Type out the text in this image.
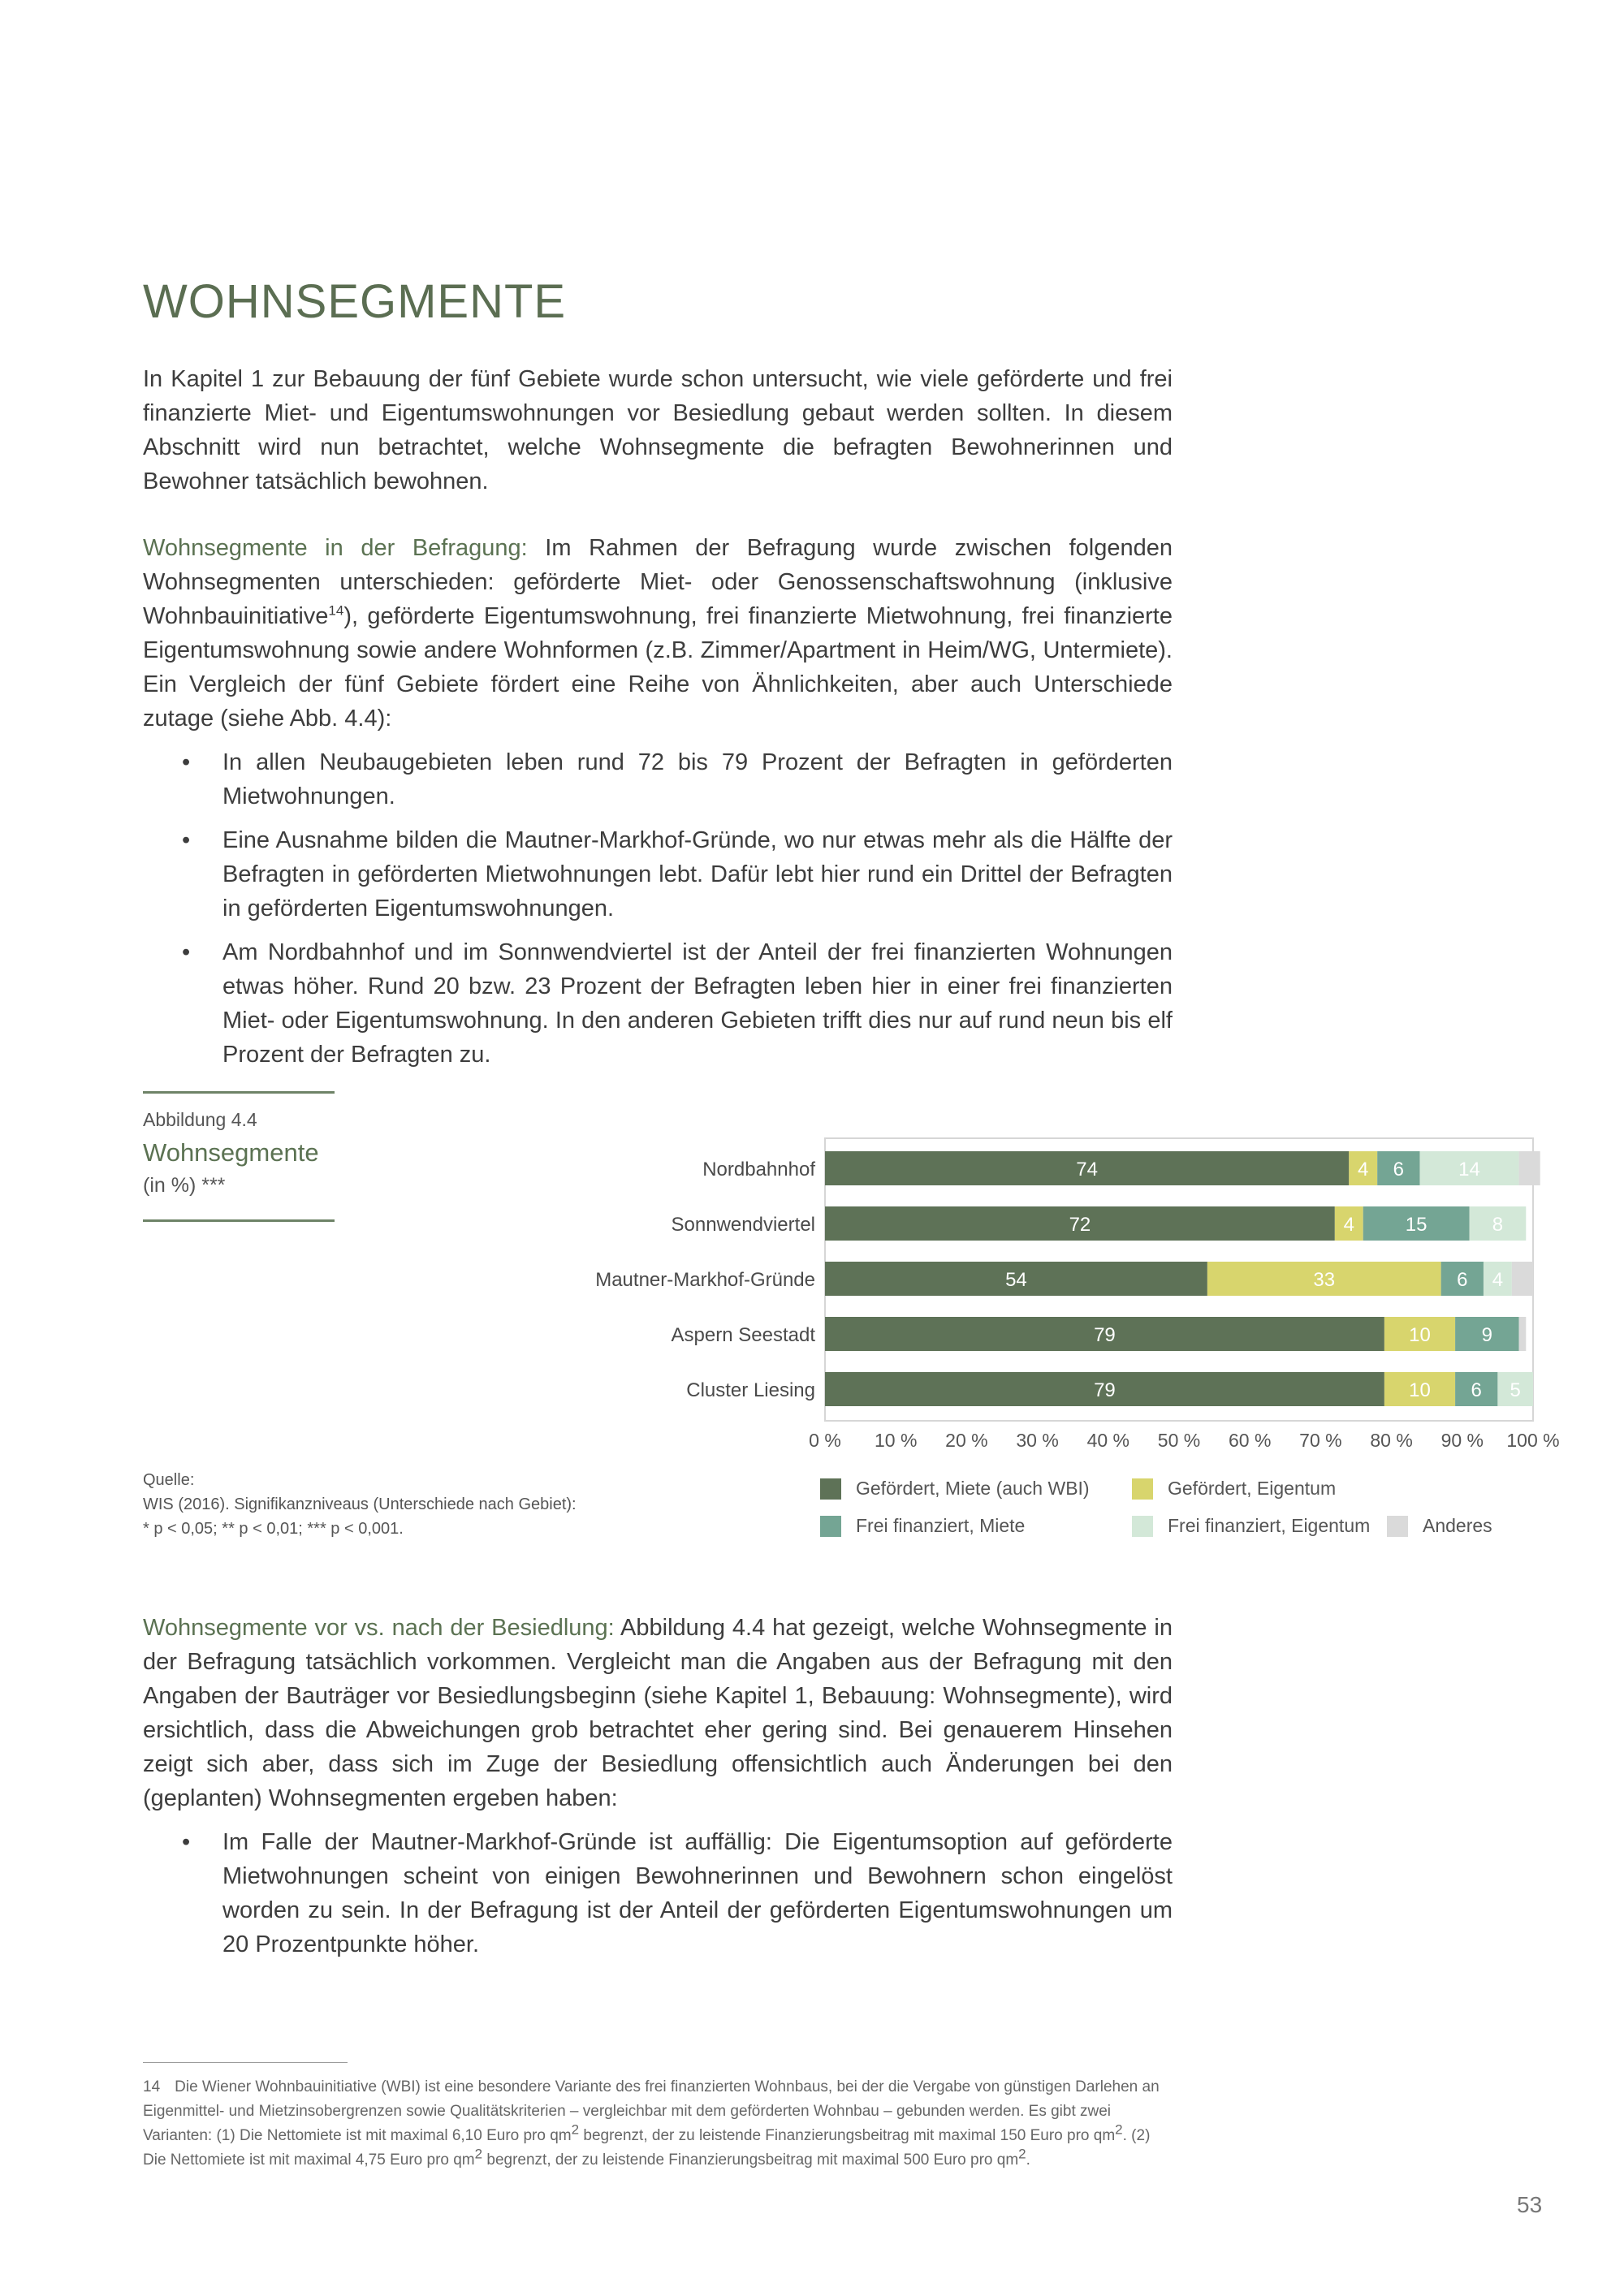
WOHNSEGMENTE

In Kapitel 1 zur Bebauung der fünf Gebiete wurde schon untersucht, wie viele geförderte und frei finanzierte Miet- und Eigentumswohnungen vor Besiedlung gebaut werden sollten. In diesem Abschnitt wird nun betrachtet, welche Wohnsegmente die befragten Bewohnerinnen und Bewohner tatsächlich bewohnen.

Wohnsegmente in der Befragung: Im Rahmen der Befragung wurde zwischen folgenden Wohnsegmenten unterschieden: geförderte Miet- oder Genossenschaftswohnung (inklusive Wohnbauinitiative$^{14}$), geförderte Eigentumswohnung, frei finanzierte Mietwohnung, frei finanzierte Eigentumswohnung sowie andere Wohnformen (z.B. Zimmer/Apartment in Heim/WG, Untermiete). Ein Vergleich der fünf Gebiete fördert eine Reihe von Ähnlichkeiten, aber auch Unterschiede zutage (siehe Abb. 4.4):

• In allen Neubaugebieten leben rund 72 bis 79 Prozent der Befragten in geförderten Mietwohnungen.
• Eine Ausnahme bilden die Mautner-Markhof-Gründe, wo nur etwas mehr als die Hälfte der Befragten in geförderten Mietwohnungen lebt. Dafür lebt hier rund ein Drittel der Befragten in geförderten Eigentumswohnungen.
• Am Nordbahnhof und im Sonnwendviertel ist der Anteil der frei finanzierten Wohnungen etwas höher. Rund 20 bzw. 23 Prozent der Befragten leben hier in einer frei finanzierten Miet- oder Eigentumswohnung. In den anderen Gebieten trifft dies nur auf rund neun bis elf Prozent der Befragten zu.
Abbildung 4.4
Wohnsegmente
(in %) ***
Nordbahnhof	74	4 6	14
Sonnwendviertel	72	4	15	8
Mautner-Markhof-Gründe	54	33	6 4
Aspern Seestadt	79	10	9
Cluster Liesing	79	10 6 5
0 % 10 % 20 % 30 % 40 % 50 % 60 % 70 % 80 % 90 % 100 %
Gefördert, Miete (auch WBI)	Gefördert, Eigentum
Frei finanziert, Miete	Frei finanziert, Eigentum	Anderes
Quelle:
WIS (2016). Signifikanzniveaus (Unterschiede nach Gebiet):
* p < 0,05; ** p < 0,01; *** p < 0,001.

Wohnsegmente vor vs. nach der Besiedlung: Abbildung 4.4 hat gezeigt, welche Wohnsegmente in der Befragung tatsächlich vorkommen. Vergleicht man die Angaben aus der Befragung mit den Angaben der Bauträger vor Besiedlungsbeginn (siehe Kapitel 1, Bebauung: Wohnsegmente), wird ersichtlich, dass die Abweichungen grob betrachtet eher gering sind. Bei genauerem Hinsehen zeigt sich aber, dass sich im Zuge der Besiedlung offensichtlich auch Änderungen bei den (geplanten) Wohnsegmenten ergeben haben:

• Im Falle der Mautner-Markhof-Gründe ist auffällig: Die Eigentumsoption auf geförderte Mietwohnungen scheint von einigen Bewohnerinnen und Bewohnern schon eingelöst worden zu sein. In der Befragung ist der Anteil der geförderten Eigentumswohnungen um 20 Prozentpunkte höher.
14 Die Wiener Wohnbauinitiative (WBI) ist eine besondere Variante des frei finanzierten Wohnbaus, bei der die Vergabe von günstigen Darlehen an Eigenmittel- und Mietzinsobergrenzen sowie Qualitätskriterien – vergleichbar mit dem geförderten Wohnbau – gebunden werden. Es gibt zwei Varianten: (1) Die Nettomiete ist mit maximal 6,10 Euro pro qm2 begrenzt, der zu leistende Finanzierungsbeitrag mit maximal 150 Euro pro qm2. (2) Die Nettomiete ist mit maximal 4,75 Euro pro qm2 begrenzt, der zu leistende Finanzierungsbeitrag mit maximal 500 Euro pro qm2.
53
